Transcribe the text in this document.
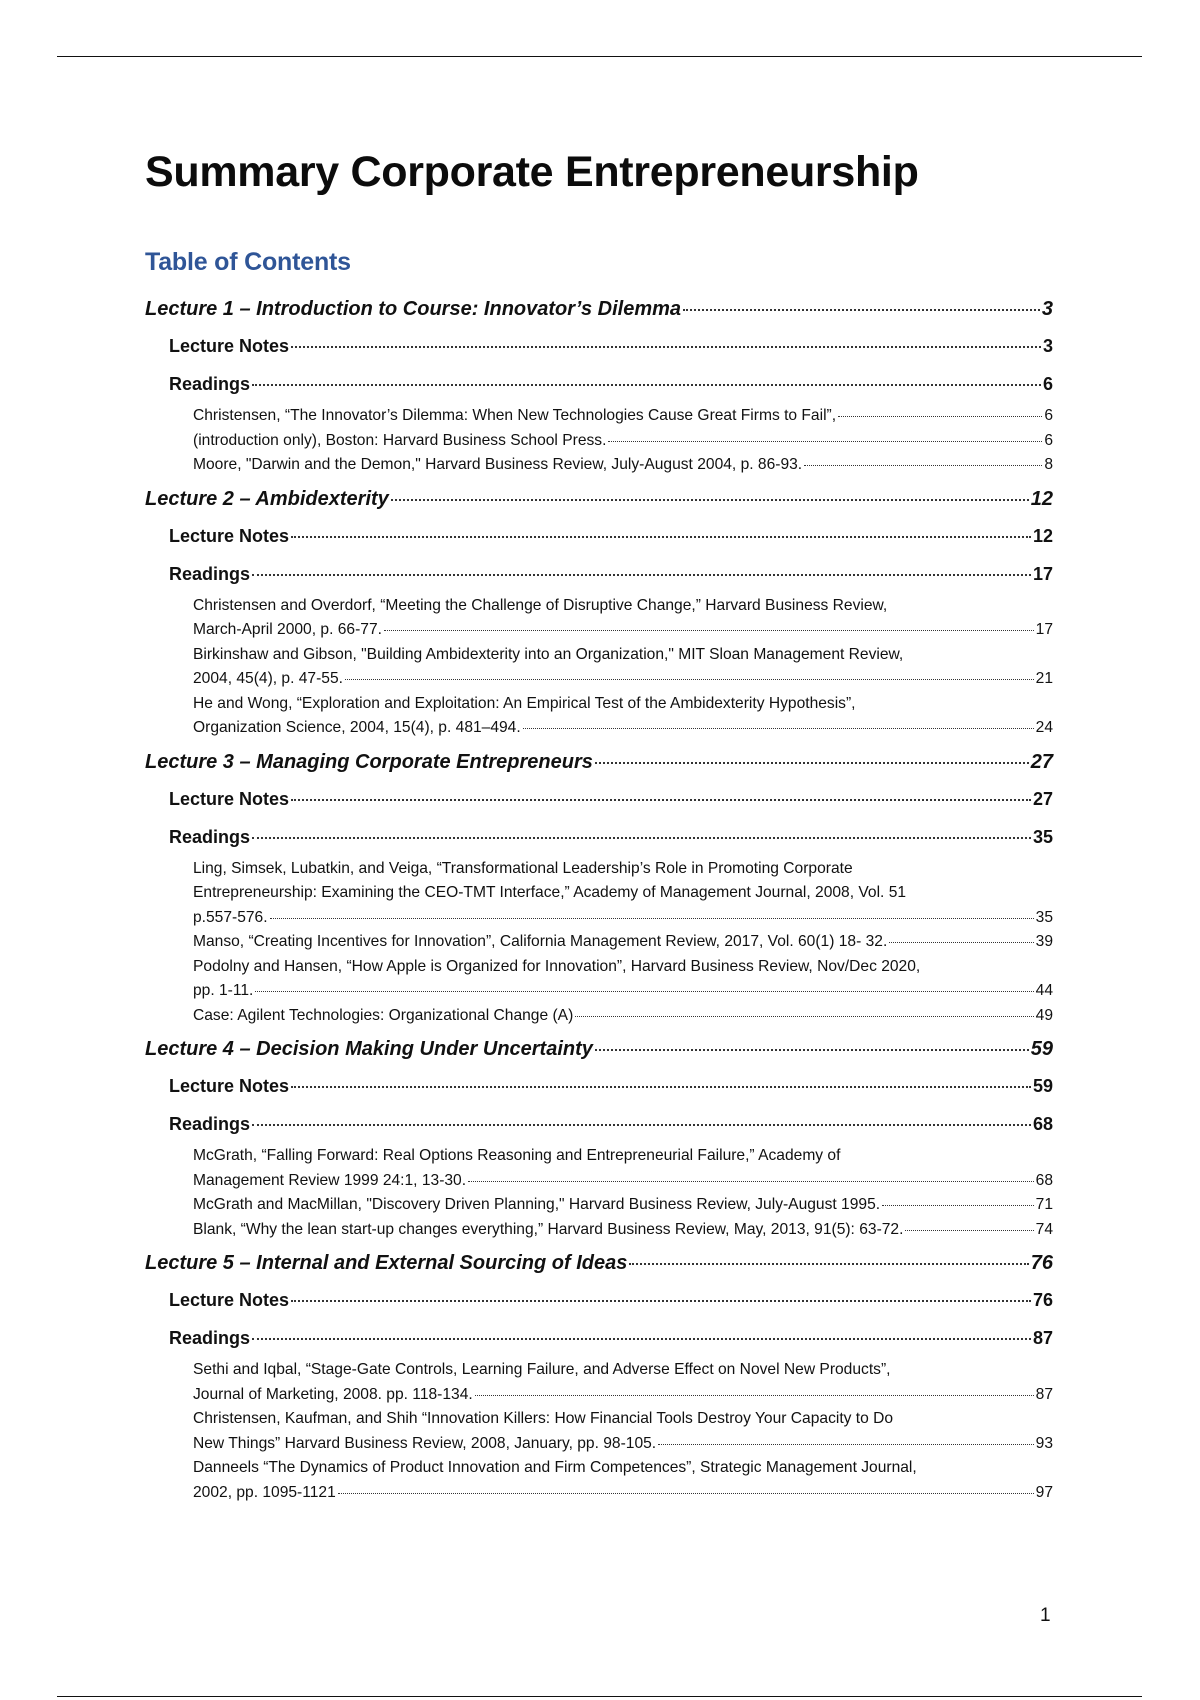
Summary Corporate Entrepreneurship
Table of Contents
Lecture 1 – Introduction to Course: Innovator’s Dilemma	3
Lecture Notes	3
Readings	6
Christensen, “The Innovator’s Dilemma: When New Technologies Cause Great Firms to Fail”,	6
(introduction only), Boston: Harvard Business School Press.	6
Moore, "Darwin and the Demon," Harvard Business Review, July-August 2004, p. 86-93.	8
Lecture 2 – Ambidexterity	12
Lecture Notes	12
Readings	17
Christensen and Overdorf, “Meeting the Challenge of Disruptive Change,” Harvard Business Review,
March-April 2000, p. 66-77.	17
Birkinshaw and Gibson, "Building Ambidexterity into an Organization," MIT Sloan Management Review,
2004, 45(4), p. 47-55.	21
He and Wong, “Exploration and Exploitation: An Empirical Test of the Ambidexterity Hypothesis”,
Organization Science, 2004, 15(4), p. 481–494.	24
Lecture 3 – Managing Corporate Entrepreneurs	27
Lecture Notes	27
Readings	35
Ling, Simsek, Lubatkin, and Veiga, “Transformational Leadership’s Role in Promoting Corporate
Entrepreneurship: Examining the CEO-TMT Interface,” Academy of Management Journal, 2008, Vol. 51
p.557-576.	35
Manso, “Creating Incentives for Innovation”, California Management Review, 2017, Vol. 60(1) 18- 32.	39
Podolny and Hansen, “How Apple is Organized for Innovation”, Harvard Business Review, Nov/Dec 2020,
pp. 1-11.	44
Case: Agilent Technologies: Organizational Change (A)	49
Lecture 4 – Decision Making Under Uncertainty	59
Lecture Notes	59
Readings	68
McGrath, “Falling Forward: Real Options Reasoning and Entrepreneurial Failure,” Academy of
Management Review 1999 24:1, 13-30.	68
McGrath and MacMillan, "Discovery Driven Planning," Harvard Business Review, July-August 1995.	71
Blank, “Why the lean start-up changes everything,” Harvard Business Review, May, 2013, 91(5): 63-72.	74
Lecture 5 – Internal and External Sourcing of Ideas	76
Lecture Notes	76
Readings	87
Sethi and Iqbal, “Stage-Gate Controls, Learning Failure, and Adverse Effect on Novel New Products”,
Journal of Marketing, 2008. pp. 118-134.	87
Christensen, Kaufman, and Shih “Innovation Killers: How Financial Tools Destroy Your Capacity to Do
New Things” Harvard Business Review, 2008, January, pp. 98-105.	93
Danneels “The Dynamics of Product Innovation and Firm Competences”, Strategic Management Journal,
2002, pp. 1095-1121	97
1
